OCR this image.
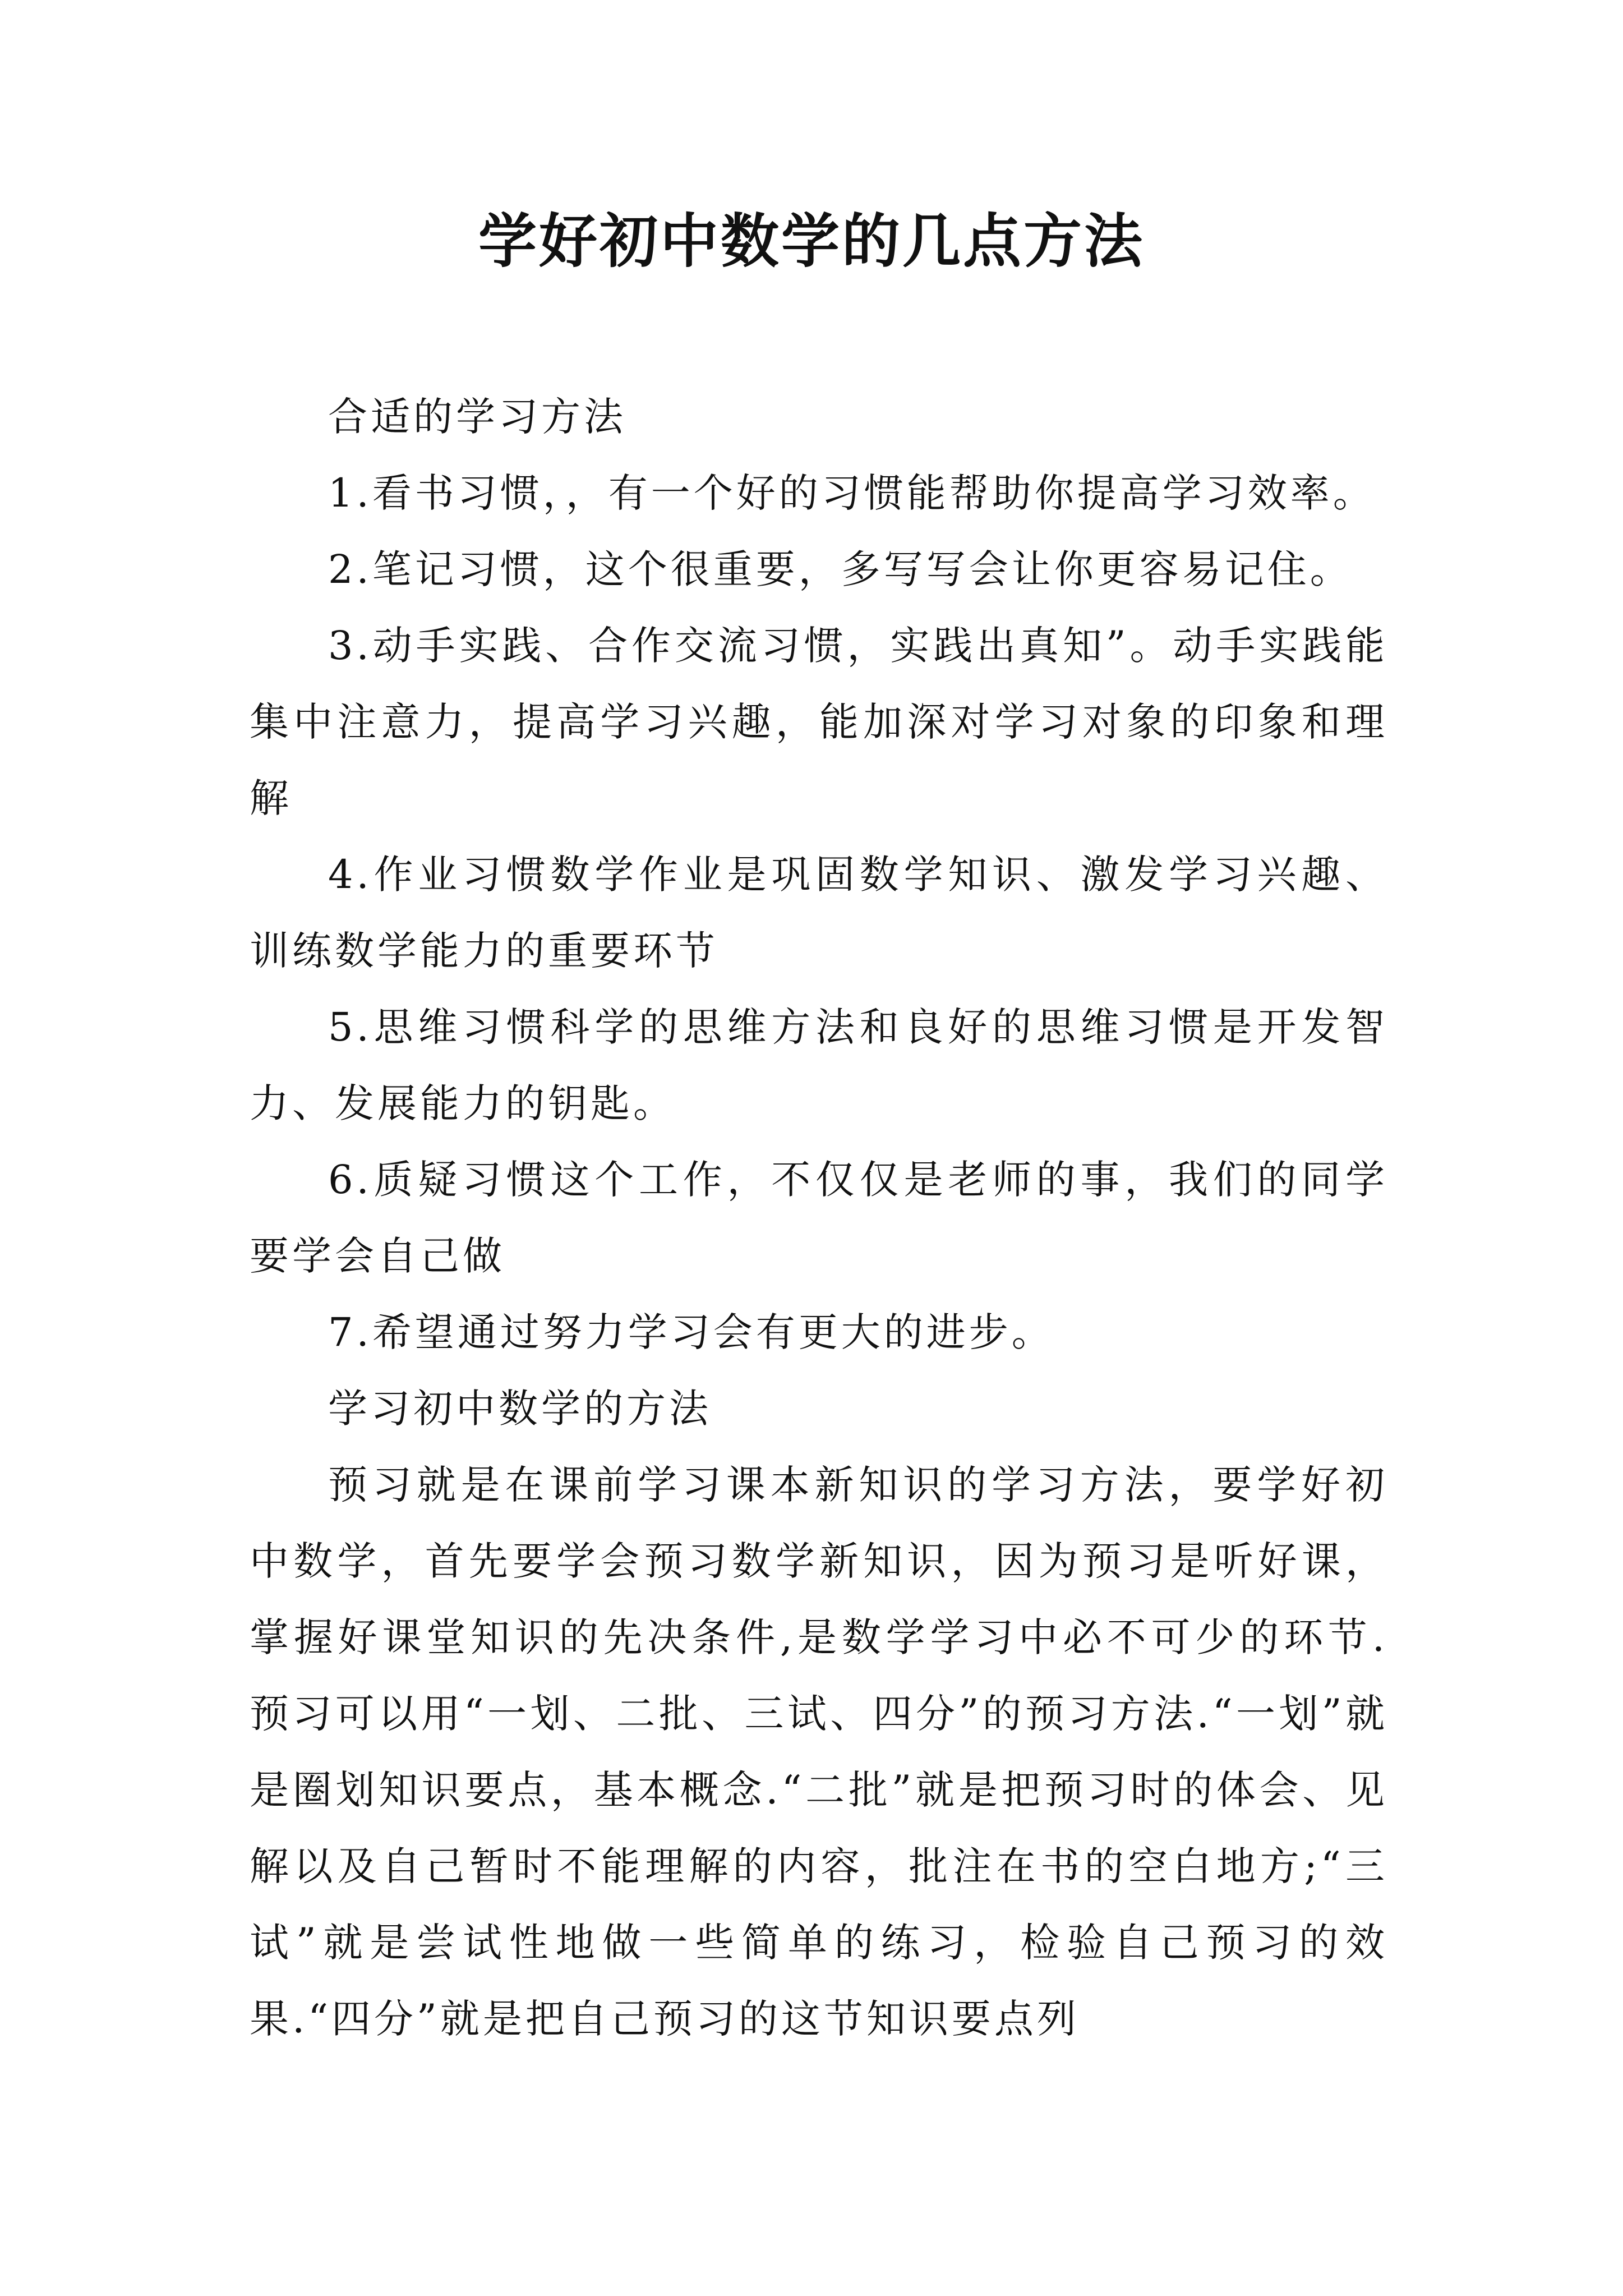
学好初中数学的几点方法

合适的学习方法

1.看书习惯，，有一个好的习惯能帮助你提高学习效率。

2.笔记习惯，这个很重要，多写写会让你更容易记住。

3.动手实践、合作交流习惯，实践出真知”。动手实践能集中注意力，提高学习兴趣，能加深对学习对象的印象和理解

4.作业习惯数学作业是巩固数学知识、激发学习兴趣、训练数学能力的重要环节

5.思维习惯科学的思维方法和良好的思维习惯是开发智力、发展能力的钥匙。

6.质疑习惯这个工作，不仅仅是老师的事，我们的同学要学会自己做

7.希望通过努力学习会有更大的进步。

学习初中数学的方法

预习就是在课前学习课本新知识的学习方法，要学好初中数学，首先要学会预习数学新知识，因为预习是听好课，掌握好课堂知识的先决条件,是数学学习中必不可少的环节.预习可以用“一划、二批、三试、四分”的预习方法.“一划”就是圈划知识要点，基本概念.“二批”就是把预习时的体会、见解以及自己暂时不能理解的内容，批注在书的空白地方;“三试”就是尝试性地做一些简单的练习，检验自己预习的效果.“四分”就是把自己预习的这节知识要点列
